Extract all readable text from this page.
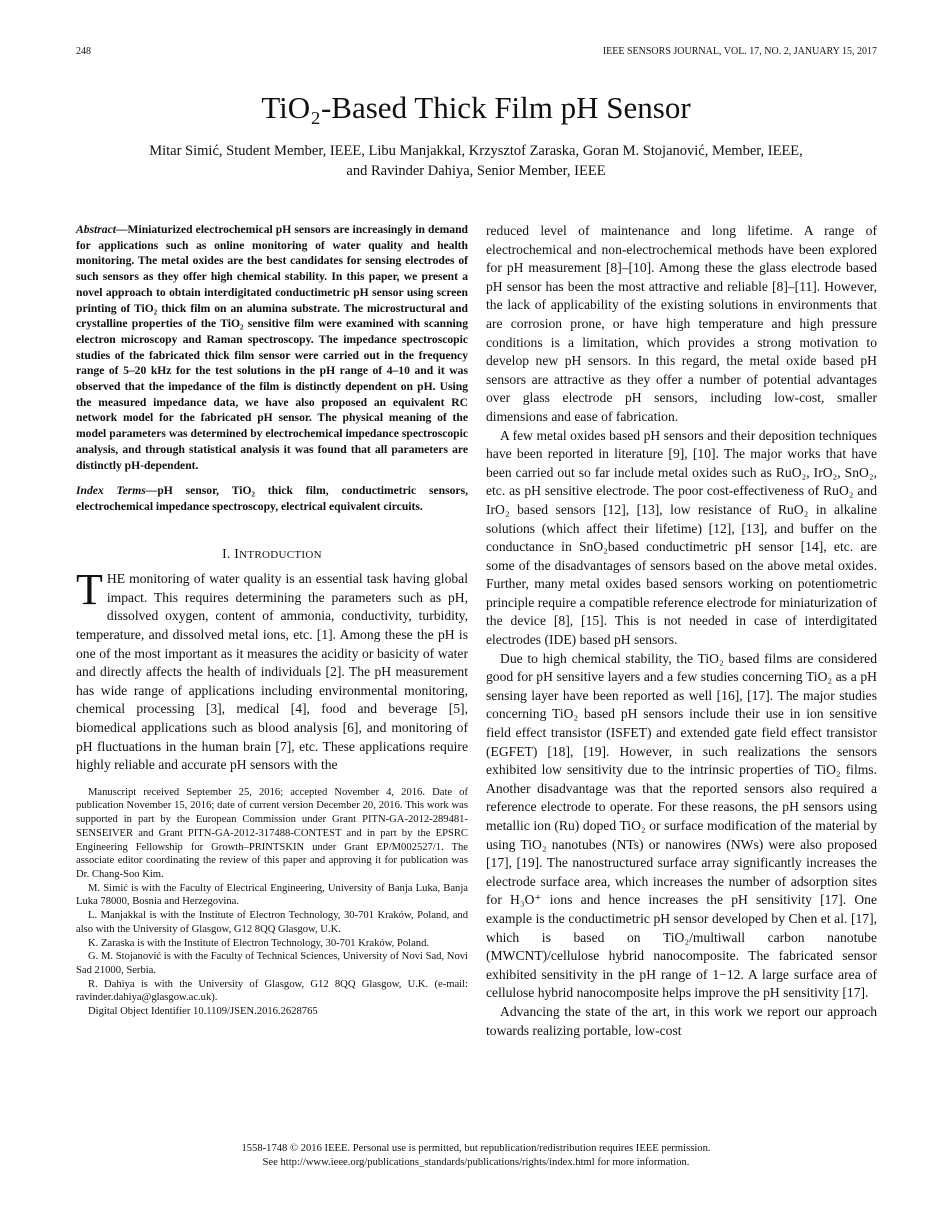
248	IEEE SENSORS JOURNAL, VOL. 17, NO. 2, JANUARY 15, 2017
TiO₂-Based Thick Film pH Sensor
Mitar Simić, Student Member, IEEE, Libu Manjakkal, Krzysztof Zaraska, Goran M. Stojanović, Member, IEEE,
and Ravinder Dahiya, Senior Member, IEEE

Abstract—Miniaturized electrochemical pH sensors are increasingly in demand for applications such as online monitoring of water quality and health monitoring. The metal oxides are the best candidates for sensing electrodes of such sensors as they offer high chemical stability. In this paper, we present a novel approach to obtain interdigitated conductimetric pH sensor using screen printing of TiO₂ thick film on an alumina substrate. The microstructural and crystalline properties of the TiO₂ sensitive film were examined with scanning electron microscopy and Raman spectroscopy. The impedance spectroscopic studies of the fabricated thick film sensor were carried out in the frequency range of 5–20 kHz for the test solutions in the pH range of 4–10 and it was observed that the impedance of the film is distinctly dependent on pH. Using the measured impedance data, we have also proposed an equivalent RC network model for the fabricated pH sensor. The physical meaning of the model parameters was determined by electrochemical impedance spectroscopic analysis, and through statistical analysis it was found that all parameters are distinctly pH-dependent.

Index Terms—pH sensor, TiO₂ thick film, conductimetric sensors, electrochemical impedance spectroscopy, electrical equivalent circuits.

I. INTRODUCTION

THE monitoring of water quality is an essential task having global impact. This requires determining the parameters such as pH, dissolved oxygen, content of ammonia, conductivity, turbidity, temperature, and dissolved metal ions, etc. [1]. Among these the pH is one of the most important as it measures the acidity or basicity of water and directly affects the health of individuals [2]. The pH measurement has wide range of applications including environmental monitoring, chemical processing [3], medical [4], food and beverage [5], biomedical applications such as blood analysis [6], and monitoring of pH fluctuations in the human brain [7], etc. These applications require highly reliable and accurate pH sensors with the

Manuscript received September 25, 2016; accepted November 4, 2016. Date of publication November 15, 2016; date of current version December 20, 2016. This work was supported in part by the European Commission under Grant PITN-GA-2012-289481-SENSEIVER and Grant PITN-GA-2012-317488-CONTEST and in part by the EPSRC Engineering Fellowship for Growth–PRINTSKIN under Grant EP/M002527/1. The associate editor coordinating the review of this paper and approving it for publication was Dr. Chang-Soo Kim.

M. Simić is with the Faculty of Electrical Engineering, University of Banja Luka, Banja Luka 78000, Bosnia and Herzegovina.

L. Manjakkal is with the Institute of Electron Technology, 30-701 Kraków, Poland, and also with the University of Glasgow, G12 8QQ Glasgow, U.K.

K. Zaraska is with the Institute of Electron Technology, 30-701 Kraków, Poland.

G. M. Stojanović is with the Faculty of Technical Sciences, University of Novi Sad, Novi Sad 21000, Serbia.

R. Dahiya is with the University of Glasgow, G12 8QQ Glasgow, U.K. (e-mail: ravinder.dahiya@glasgow.ac.uk).

Digital Object Identifier 10.1109/JSEN.2016.2628765

reduced level of maintenance and long lifetime. A range of electrochemical and non-electrochemical methods have been explored for pH measurement [8]–[10]. Among these the glass electrode based pH sensor has been the most attractive and reliable [8]–[11]. However, the lack of applicability of the existing solutions in environments that are corrosion prone, or have high temperature and high pressure conditions is a limitation, which provides a strong motivation to develop new pH sensors. In this regard, the metal oxide based pH sensors are attractive as they offer a number of potential advantages over glass electrode pH sensors, including low-cost, smaller dimensions and ease of fabrication.

A few metal oxides based pH sensors and their deposition techniques have been reported in literature [9], [10]. The major works that have been carried out so far include metal oxides such as RuO₂, IrO₂, SnO₂, etc. as pH sensitive electrode. The poor cost-effectiveness of RuO₂ and IrO₂ based sensors [12], [13], low resistance of RuO₂ in alkaline solutions (which affect their lifetime) [12], [13], and buffer on the conductance in SnO₂based conductimetric pH sensor [14], etc. are some of the disadvantages of sensors based on the above metal oxides. Further, many metal oxides based sensors working on potentiometric principle require a compatible reference electrode for miniaturization of the device [8], [15]. This is not needed in case of interdigitated electrodes (IDE) based pH sensors.

Due to high chemical stability, the TiO₂ based films are considered good for pH sensitive layers and a few studies concerning TiO₂ as a pH sensing layer have been reported as well [16], [17]. The major studies concerning TiO₂ based pH sensors include their use in ion sensitive field effect transistor (ISFET) and extended gate field effect transistor (EGFET) [18], [19]. However, in such realizations the sensors exhibited low sensitivity due to the intrinsic properties of TiO₂ films. Another disadvantage was that the reported sensors also required a reference electrode to operate. For these reasons, the pH sensors using metallic ion (Ru) doped TiO₂ or surface modification of the material by using TiO₂ nanotubes (NTs) or nanowires (NWs) were also proposed [17], [19]. The nanostructured surface array significantly increases the electrode surface area, which increases the number of adsorption sites for H₃O⁺ ions and hence increases the pH sensitivity [17]. One example is the conductimetric pH sensor developed by Chen et al. [17], which is based on TiO₂/multiwall carbon nanotube (MWCNT)/cellulose hybrid nanocomposite. The fabricated sensor exhibited sensitivity in the pH range of 1−12. A large surface area of cellulose hybrid nanocomposite helps improve the pH sensitivity [17].

Advancing the state of the art, in this work we report our approach towards realizing portable, low-cost

1558-1748 © 2016 IEEE. Personal use is permitted, but republication/redistribution requires IEEE permission.
See http://www.ieee.org/publications_standards/publications/rights/index.html for more information.
